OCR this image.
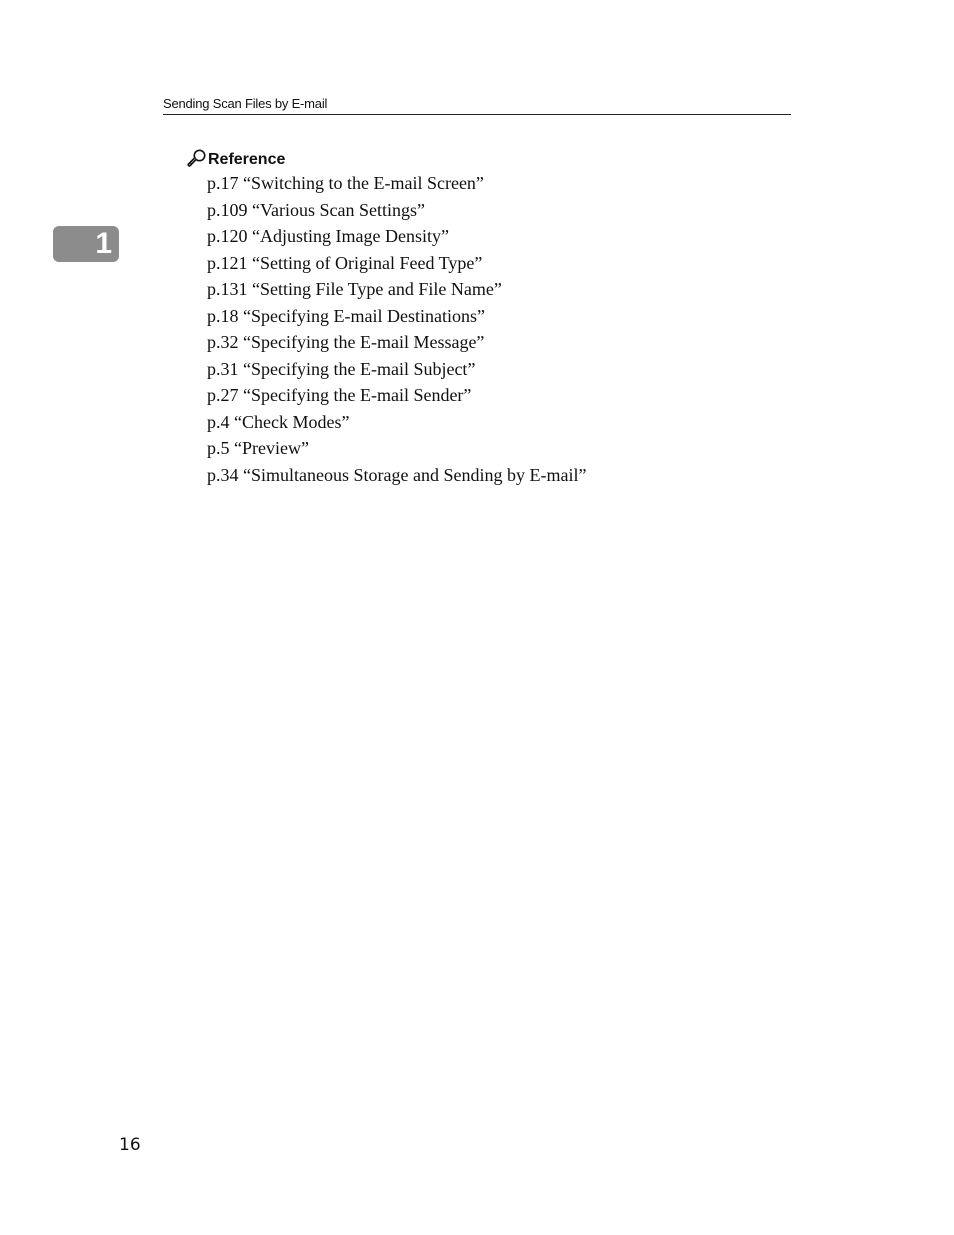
Sending Scan Files by E-mail
1
Reference
p.17 “Switching to the E-mail Screen”
p.109 “Various Scan Settings”
p.120 “Adjusting Image Density”
p.121 “Setting of Original Feed Type”
p.131 “Setting File Type and File Name”
p.18 “Specifying E-mail Destinations”
p.32 “Specifying the E-mail Message”
p.31 “Specifying the E-mail Subject”
p.27 “Specifying the E-mail Sender”
p.4 “Check Modes”
p.5 “Preview”
p.34 “Simultaneous Storage and Sending by E-mail”
16
